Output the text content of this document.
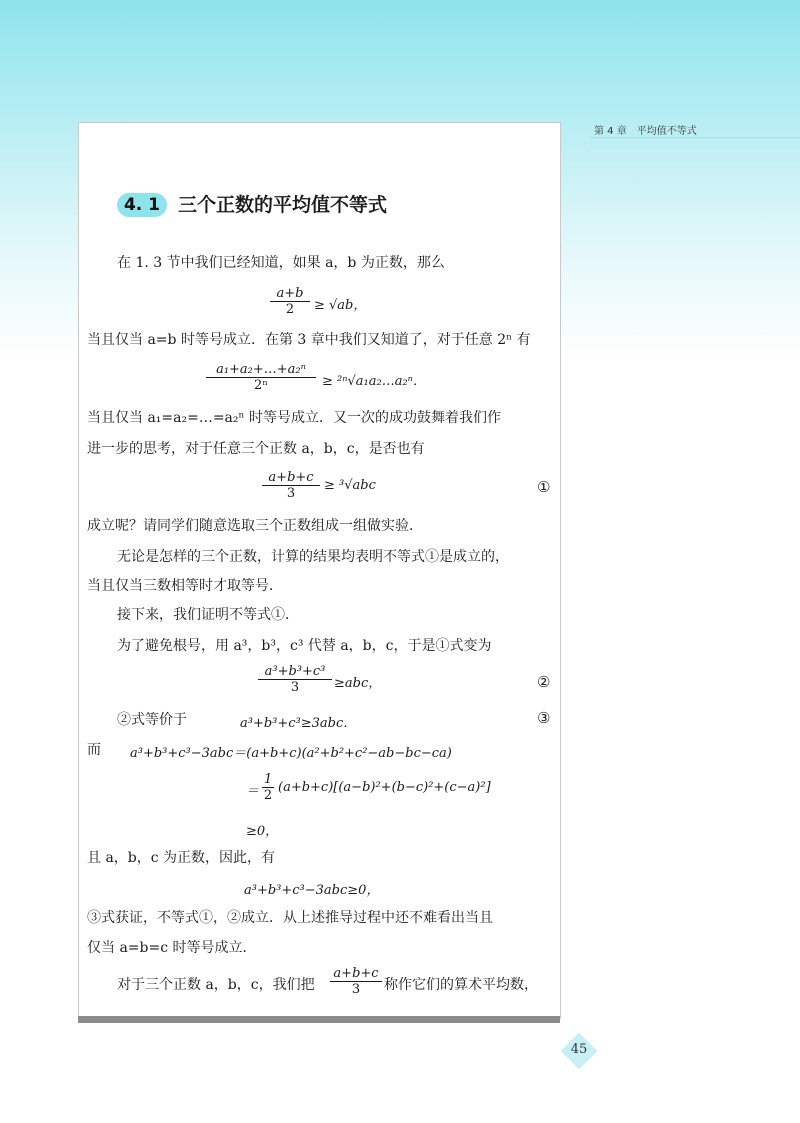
第 4 章　平均值不等式
4. 1 三个正数的平均值不等式
在 1. 3 节中我们已经知道，如果 a，b 为正数，那么
$\frac{a+b}{2} \ge √ab$，
当且仅当 a=b 时等号成立．在第 3 章中我们又知道了，对于任意 2ⁿ 有
$\frac{\text{a₁+a₂+…+a₂ⁿ}}{\text{2ⁿ}}$ ≥ ²ⁿ√a₁a₂…a₂ⁿ．
当且仅当 a₁=a₂=…=a₂ⁿ 时等号成立．又一次的成功鼓舞着我们作
进一步的思考，对于任意三个正数 a，b，c，是否也有
$\frac{a+b+c}{3} \ge ^3√abc$	①
成立呢？请同学们随意选取三个正数组成一组做实验．
无论是怎样的三个正数，计算的结果均表明不等式①是成立的，
当且仅当三数相等时才取等号．
接下来，我们证明不等式①．
为了避免根号，用 a³，b³，c³ 代替 a，b，c，于是①式变为
$\frac{\text{a³+b³+c³}}{3} \ge abc$，	②
②式等价于	a³+b³+c³≥3abc．	③
而 a³+b³+c³−3abc＝(a+b+c)(a²+b²+c²−ab−bc−ca)
＝ $\frac{1}{2} (a+b+c)[(a-b)^2+(b-c)^2+(c-a)^2]$
≥0，
且 a，b，c 为正数，因此，有
a³+b³+c³−3abc≥0，
③式获证，不等式①，②成立．从上述推导过程中还不难看出当且
仅当 a=b=c 时等号成立．
对于三个正数 a，b，c，我们把 $\frac{a+b+c}{3}$ 称作它们的算术平均数，
45
